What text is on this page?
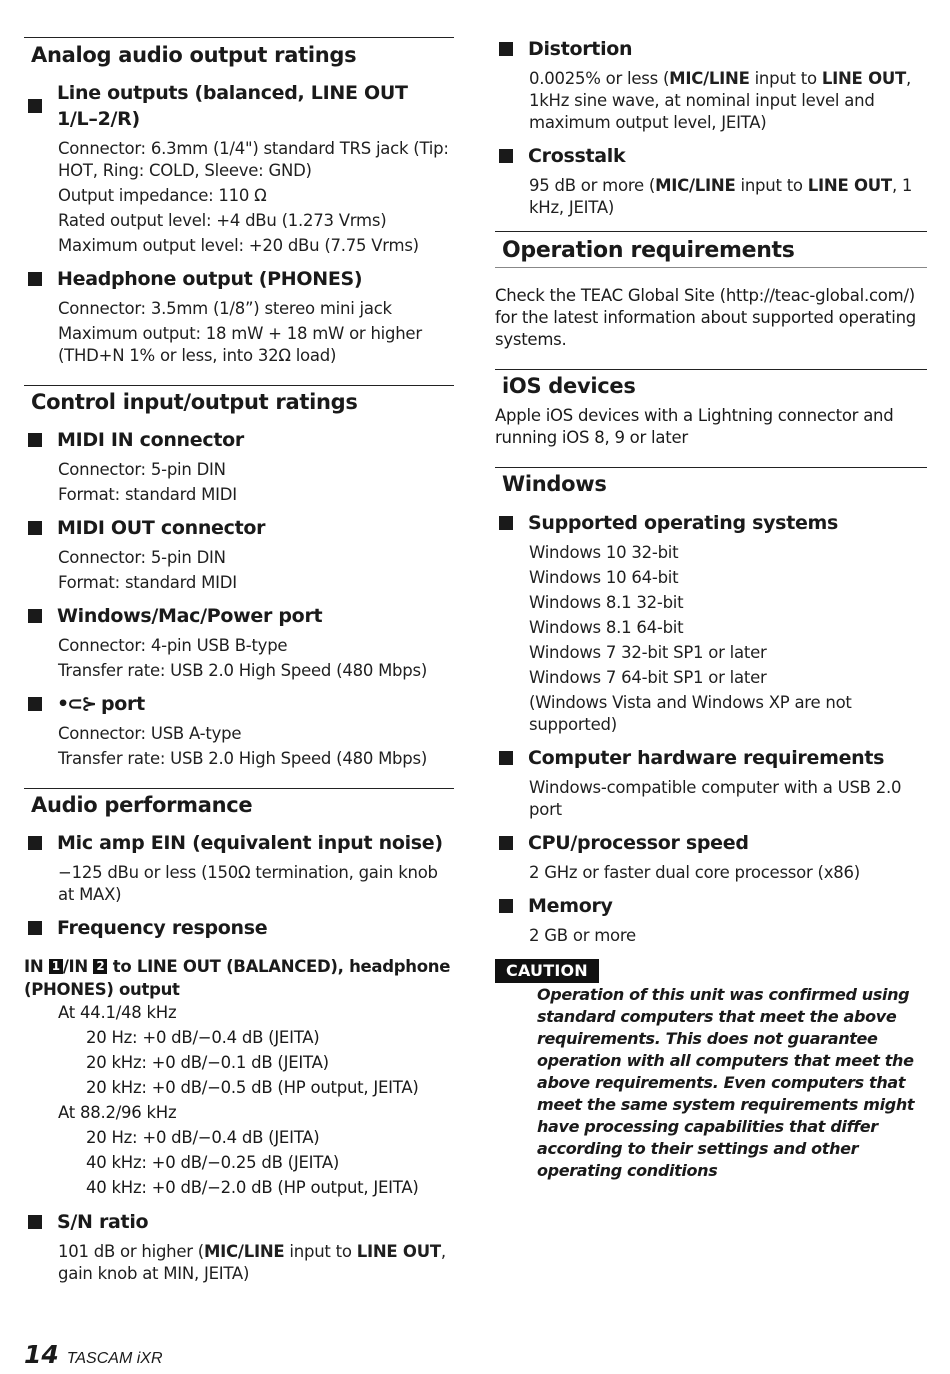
Analog audio output ratings

Line outputs (balanced, LINE OUT 1/L–2/R)

Connector: 6.3mm (1/4") standard TRS jack (Tip: HOT, Ring: COLD, Sleeve: GND)

Output impedance: 110 Ω

Rated output level: +4 dBu (1.273 Vrms)

Maximum output level: +20 dBu (7.75 Vrms)

Headphone output (PHONES)

Connector: 3.5mm (1/8”) stereo mini jack

Maximum output: 18 mW + 18 mW or higher (THD+N 1% or less, into 32Ω load)

Control input/output ratings

MIDI IN connector

Connector: 5-pin DIN

Format: standard MIDI

MIDI OUT connector

Connector: 5-pin DIN

Format: standard MIDI

Windows/Mac/Power port

Connector: 4-pin USB B-type

Transfer rate: USB 2.0 High Speed (480 Mbps)

•⊂⊱ port

Connector: USB A-type

Transfer rate: USB 2.0 High Speed (480 Mbps)

Audio performance

Mic amp EIN (equivalent input noise)

−125 dBu or less (150Ω termination, gain knob at MAX)

Frequency response

IN 1 /IN 2 to LINE OUT (BALANCED), headphone (PHONES) output

At 44.1/48 kHz

20 Hz: +0 dB/−0.4 dB (JEITA)

20 kHz: +0 dB/−0.1 dB (JEITA)

20 kHz: +0 dB/−0.5 dB (HP output, JEITA)

At 88.2/96 kHz

20 Hz: +0 dB/−0.4 dB (JEITA)

40 kHz: +0 dB/−0.25 dB (JEITA)

40 kHz: +0 dB/−2.0 dB (HP output, JEITA)

S/N ratio

101 dB or higher (MIC/LINE input to LINE OUT, gain knob at MIN, JEITA)

Distortion

0.0025% or less (MIC/LINE input to LINE OUT, 1kHz sine wave, at nominal input level and maximum output level, JEITA)

Crosstalk

95 dB or more (MIC/LINE input to LINE OUT, 1 kHz, JEITA)

Operation requirements

Check the TEAC Global Site (http://teac-global.com/) for the latest information about supported operating systems.

iOS devices

Apple iOS devices with a Lightning connector and running iOS 8, 9 or later

Windows

Supported operating systems

Windows 10 32-bit

Windows 10 64-bit

Windows 8.1 32-bit

Windows 8.1 64-bit

Windows 7 32-bit SP1 or later

Windows 7 64-bit SP1 or later

(Windows Vista and Windows XP are not supported)

Computer hardware requirements

Windows-compatible computer with a USB 2.0 port

CPU/processor speed

2 GHz or faster dual core processor (x86)

Memory

2 GB or more

CAUTION

Operation of this unit was confirmed using standard computers that meet the above requirements. This does not guarantee operation with all computers that meet the above requirements. Even computers that meet the same system requirements might have processing capabilities that differ according to their settings and other operating conditions

14 TASCAM iXR
